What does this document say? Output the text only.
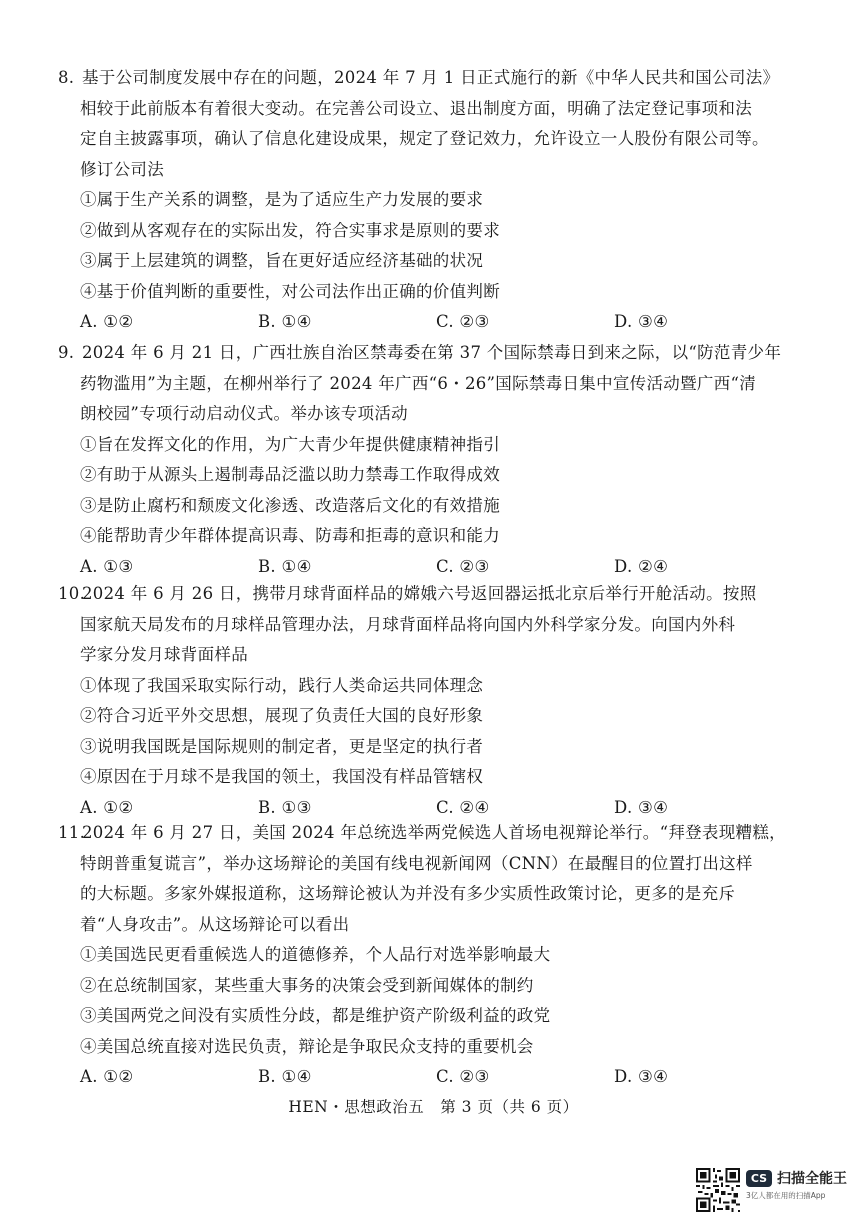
8. 基于公司制度发展中存在的问题，2024 年 7 月 1 日正式施行的新《中华人民共和国公司法》
相较于此前版本有着很大变动。在完善公司设立、退出制度方面，明确了法定登记事项和法
定自主披露事项，确认了信息化建设成果，规定了登记效力，允许设立一人股份有限公司等。
修订公司法
①属于生产关系的调整，是为了适应生产力发展的要求
②做到从客观存在的实际出发，符合实事求是原则的要求
③属于上层建筑的调整，旨在更好适应经济基础的状况
④基于价值判断的重要性，对公司法作出正确的价值判断
A. ①②	B. ①④	C. ②③	D. ③④
9. 2024 年 6 月 21 日，广西壮族自治区禁毒委在第 37 个国际禁毒日到来之际，以“防范青少年
药物滥用”为主题，在柳州举行了 2024 年广西“6・26”国际禁毒日集中宣传活动暨广西“清
朗校园”专项行动启动仪式。举办该专项活动
①旨在发挥文化的作用，为广大青少年提供健康精神指引
②有助于从源头上遏制毒品泛滥以助力禁毒工作取得成效
③是防止腐朽和颓废文化渗透、改造落后文化的有效措施
④能帮助青少年群体提高识毒、防毒和拒毒的意识和能力
A. ①③	B. ①④	C. ②③	D. ②④
10.
2024 年 6 月 26 日，携带月球背面样品的嫦娥六号返回器运抵北京后举行开舱活动。按照
国家航天局发布的月球样品管理办法，月球背面样品将向国内外科学家分发。向国内外科
学家分发月球背面样品
①体现了我国采取实际行动，践行人类命运共同体理念
②符合习近平外交思想，展现了负责任大国的良好形象
③说明我国既是国际规则的制定者，更是坚定的执行者
④原因在于月球不是我国的领土，我国没有样品管辖权
A. ①②	B. ①③	C. ②④	D. ③④
11.
2024 年 6 月 27 日，美国 2024 年总统选举两党候选人首场电视辩论举行。“拜登表现糟糕，
特朗普重复谎言”，举办这场辩论的美国有线电视新闻网（CNN）在最醒目的位置打出这样
的大标题。多家外媒报道称，这场辩论被认为并没有多少实质性政策讨论，更多的是充斥
着“人身攻击”。从这场辩论可以看出
①美国选民更看重候选人的道德修养，个人品行对选举影响最大
②在总统制国家，某些重大事务的决策会受到新闻媒体的制约
③美国两党之间没有实质性分歧，都是维护资产阶级利益的政党
④美国总统直接对选民负责，辩论是争取民众支持的重要机会
A. ①②	B. ①④	C. ②③	D. ③④
HEN・思想政治五　第 3 页（共 6 页）
CS 扫描全能王
3亿人都在用的扫描App
